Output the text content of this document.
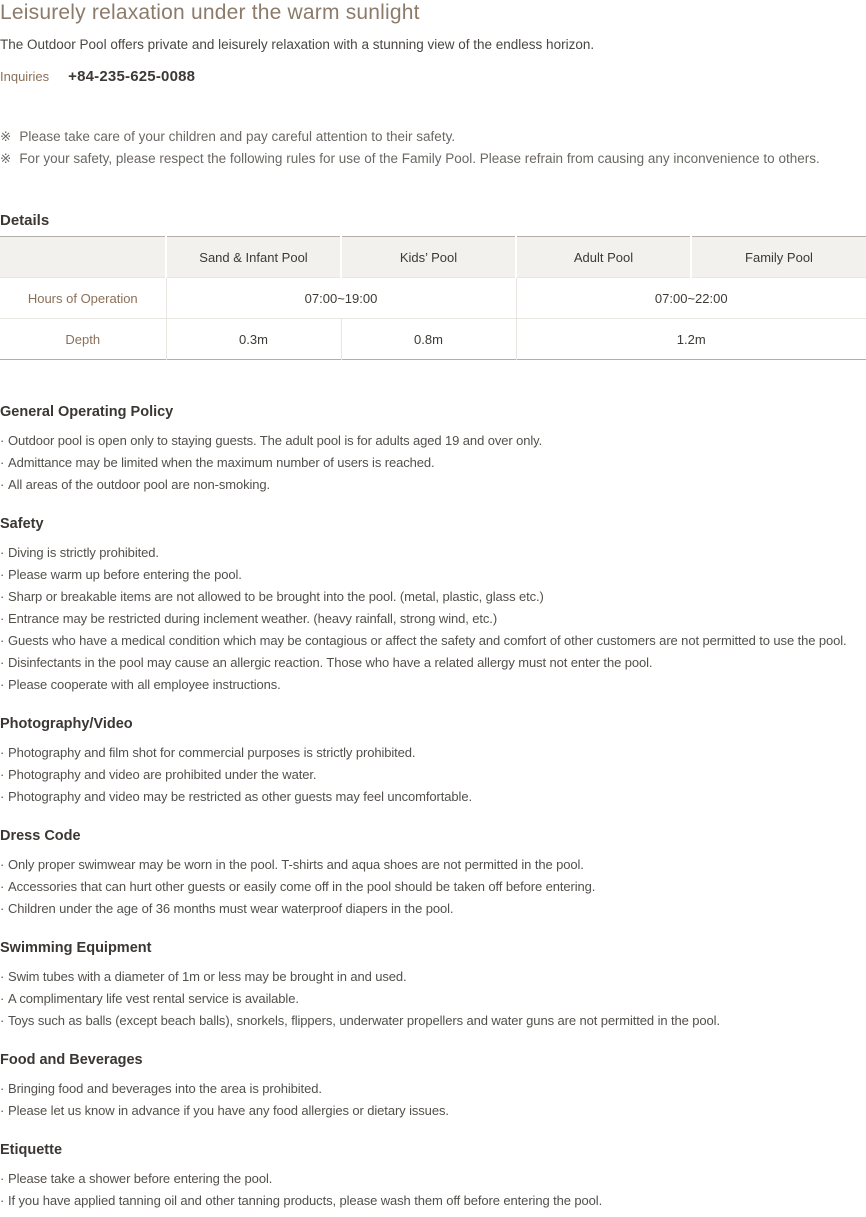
Leisurely relaxation under the warm sunlight

The Outdoor Pool offers private and leisurely relaxation with a stunning view of the endless horizon.

Inquiries +84-235-625-0088

※ Please take care of your children and pay careful attention to their safety.

※ For your safety, please respect the following rules for use of the Family Pool. Please refrain from causing any inconvenience to others.

Details
	Sand & Infant Pool	Kids’ Pool	Adult Pool	Family Pool
Hours of Operation	07:00~19:00		07:00~22:00	
Depth	0.3m	0.8m	1.2m	
General Operating Policy
· Outdoor pool is open only to staying guests. The adult pool is for adults aged 19 and over only.
· Admittance may be limited when the maximum number of users is reached.
· All areas of the outdoor pool are non-smoking.
Safety
· Diving is strictly prohibited.
· Please warm up before entering the pool.
· Sharp or breakable items are not allowed to be brought into the pool. (metal, plastic, glass etc.)
· Entrance may be restricted during inclement weather. (heavy rainfall, strong wind, etc.)
· Guests who have a medical condition which may be contagious or affect the safety and comfort of other customers are not permitted to use the pool.
· Disinfectants in the pool may cause an allergic reaction. Those who have a related allergy must not enter the pool.
· Please cooperate with all employee instructions.
Photography/Video
· Photography and film shot for commercial purposes is strictly prohibited.
· Photography and video are prohibited under the water.
· Photography and video may be restricted as other guests may feel uncomfortable.
Dress Code
· Only proper swimwear may be worn in the pool. T-shirts and aqua shoes are not permitted in the pool.
· Accessories that can hurt other guests or easily come off in the pool should be taken off before entering.
· Children under the age of 36 months must wear waterproof diapers in the pool.
Swimming Equipment
· Swim tubes with a diameter of 1m or less may be brought in and used.
· A complimentary life vest rental service is available.
· Toys such as balls (except beach balls), snorkels, flippers, underwater propellers and water guns are not permitted in the pool.
Food and Beverages
· Bringing food and beverages into the area is prohibited.
· Please let us know in advance if you have any food allergies or dietary issues.
Etiquette
· Please take a shower before entering the pool.
· If you have applied tanning oil and other tanning products, please wash them off before entering the pool.
